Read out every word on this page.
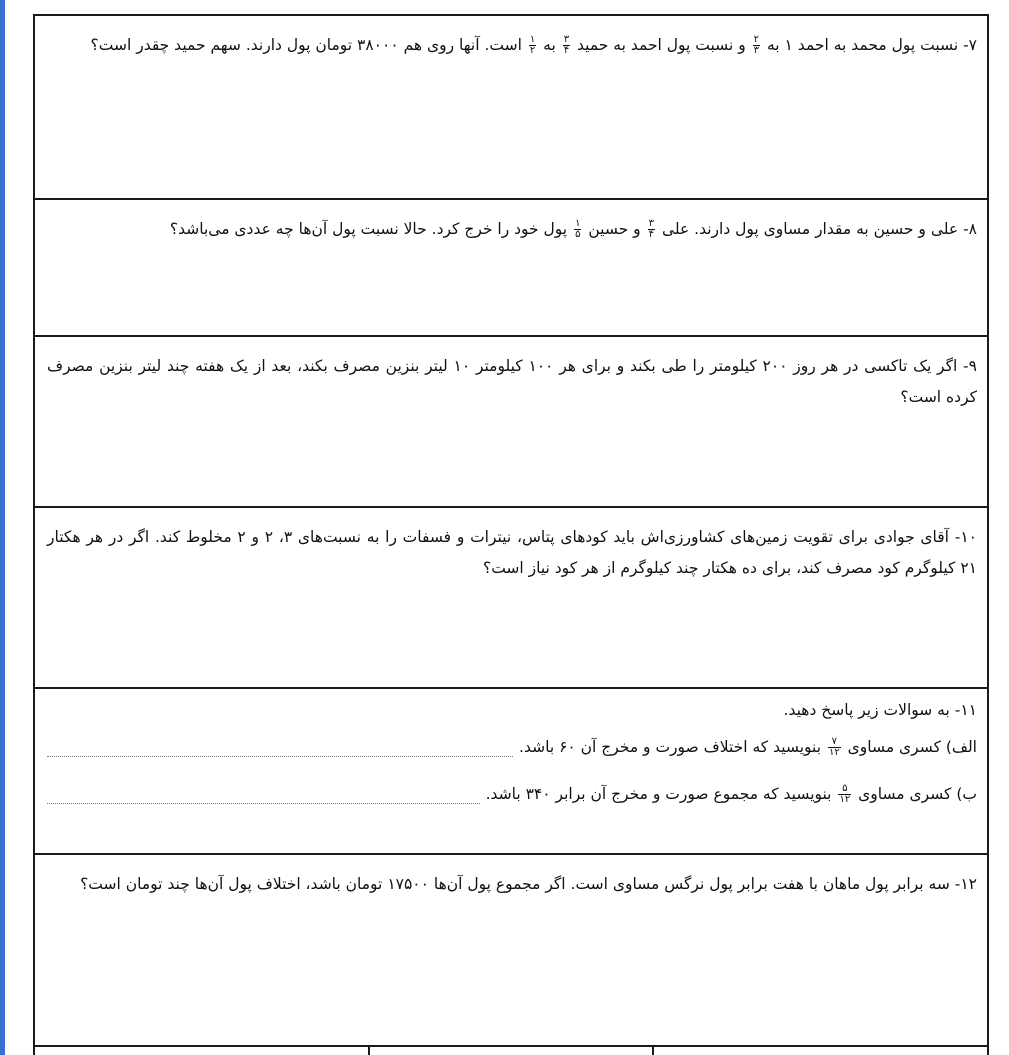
۷- نسبت پول محمد به احمد ۱ به
$\frac{۲}{۳}$
و نسبت پول احمد به حمید
$\frac{۳}{۴}$
به
$\frac{۱}{۲}$
است. آنها روی هم ۳۸۰۰۰ تومان پول دارند. سهم حمید چقدر است؟

۸- علی و حسین به مقدار مساوی پول دارند. علی
$\frac{۳}{۴}$
و حسین
$\frac{۱}{۵}$
پول خود را خرج کرد. حالا نسبت پول آن‌ها چه عددی می‌باشد؟

۹- اگر یک تاکسی در هر روز ۲۰۰ کیلومتر را طی بکند و برای هر ۱۰۰ کیلومتر ۱۰ لیتر بنزین مصرف بکند، بعد از یک هفته چند لیتر بنزین مصرف کرده است؟

۱۰- آقای جوادی برای تقویت زمین‌های کشاورزی‌اش باید کودهای پتاس، نیترات و فسفات را به نسبت‌های ۳، ۲ و ۲ مخلوط کند. اگر در هر هکتار ۲۱ کیلوگرم کود مصرف کند، برای ده هکتار چند کیلوگرم از هر کود نیاز است؟

۱۱- به سوالات زیر پاسخ دهید.

الف) کسری مساوی
$\frac{۷}{۱۲}$
بنویسید که اختلاف صورت و مخرج آن ۶۰ باشد.
ب) کسری مساوی
$\frac{۵}{۱۲}$
بنویسید که مجموع صورت و مخرج آن برابر ۳۴۰ باشد.

۱۲- سه برابر پول ماهان با هفت برابر پول نرگس مساوی است. اگر مجموع پول آن‌ها ۱۷۵۰۰ تومان باشد، اختلاف پول آن‌ها چند تومان است؟
